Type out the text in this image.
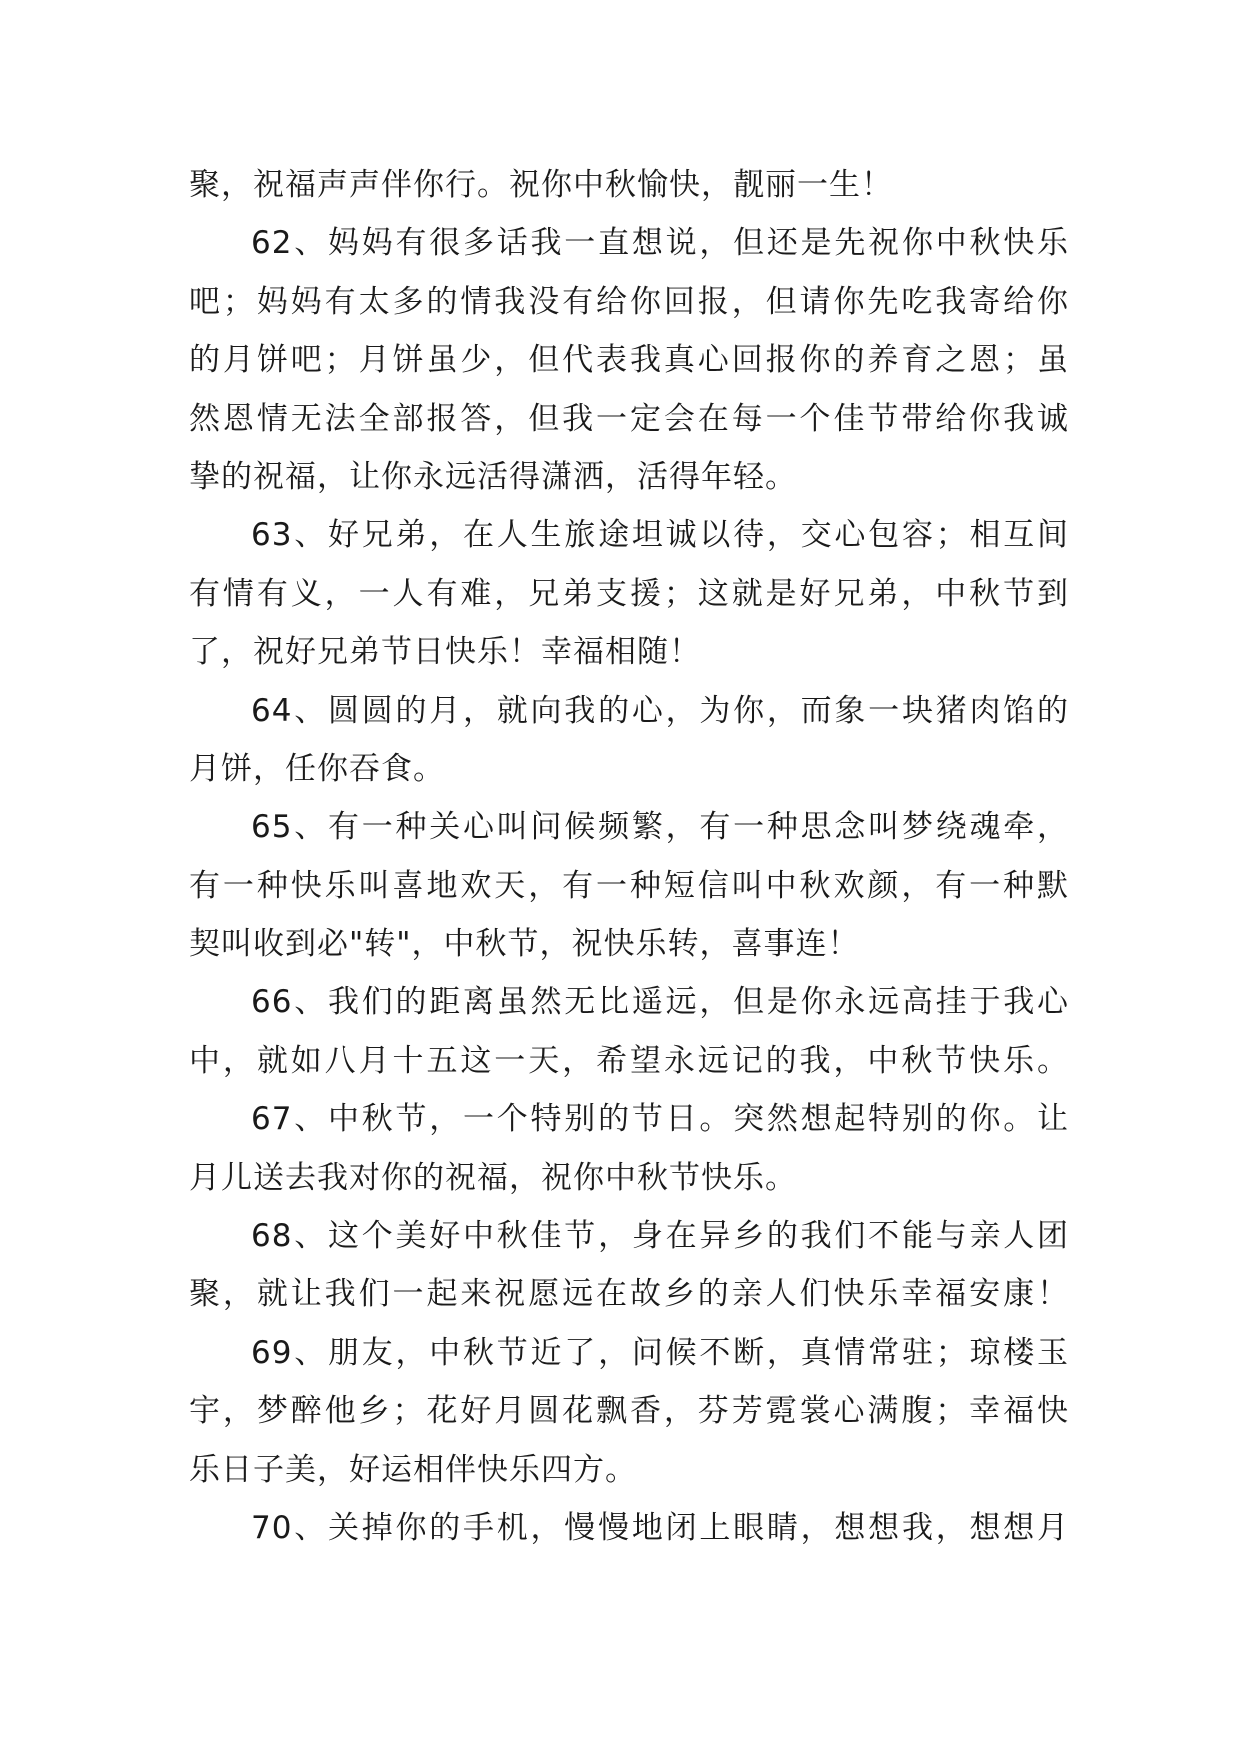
聚，祝福声声伴你行。祝你中秋愉快，靓丽一生！
62、妈妈有很多话我一直想说，但还是先祝你中秋快乐
吧；妈妈有太多的情我没有给你回报，但请你先吃我寄给你
的月饼吧；月饼虽少，但代表我真心回报你的养育之恩；虽
然恩情无法全部报答，但我一定会在每一个佳节带给你我诚
挚的祝福，让你永远活得潇洒，活得年轻。
63、好兄弟，在人生旅途坦诚以待，交心包容；相互间
有情有义，一人有难，兄弟支援；这就是好兄弟，中秋节到
了，祝好兄弟节日快乐！幸福相随！
64、圆圆的月，就向我的心，为你，而象一块猪肉馅的
月饼，任你吞食。
65、有一种关心叫问候频繁，有一种思念叫梦绕魂牵，
有一种快乐叫喜地欢天，有一种短信叫中秋欢颜，有一种默
契叫收到必"转"，中秋节，祝快乐转，喜事连！
66、我们的距离虽然无比遥远，但是你永远高挂于我心
中，就如八月十五这一天，希望永远记的我，中秋节快乐。
67、中秋节，一个特别的节日。突然想起特别的你。让
月儿送去我对你的祝福，祝你中秋节快乐。
68、这个美好中秋佳节，身在异乡的我们不能与亲人团
聚，就让我们一起来祝愿远在故乡的亲人们快乐幸福安康！
69、朋友，中秋节近了，问候不断，真情常驻；琼楼玉
宇，梦醉他乡；花好月圆花飘香，芬芳霓裳心满腹；幸福快
乐日子美，好运相伴快乐四方。
70、关掉你的手机，慢慢地闭上眼睛，想想我，想想月
